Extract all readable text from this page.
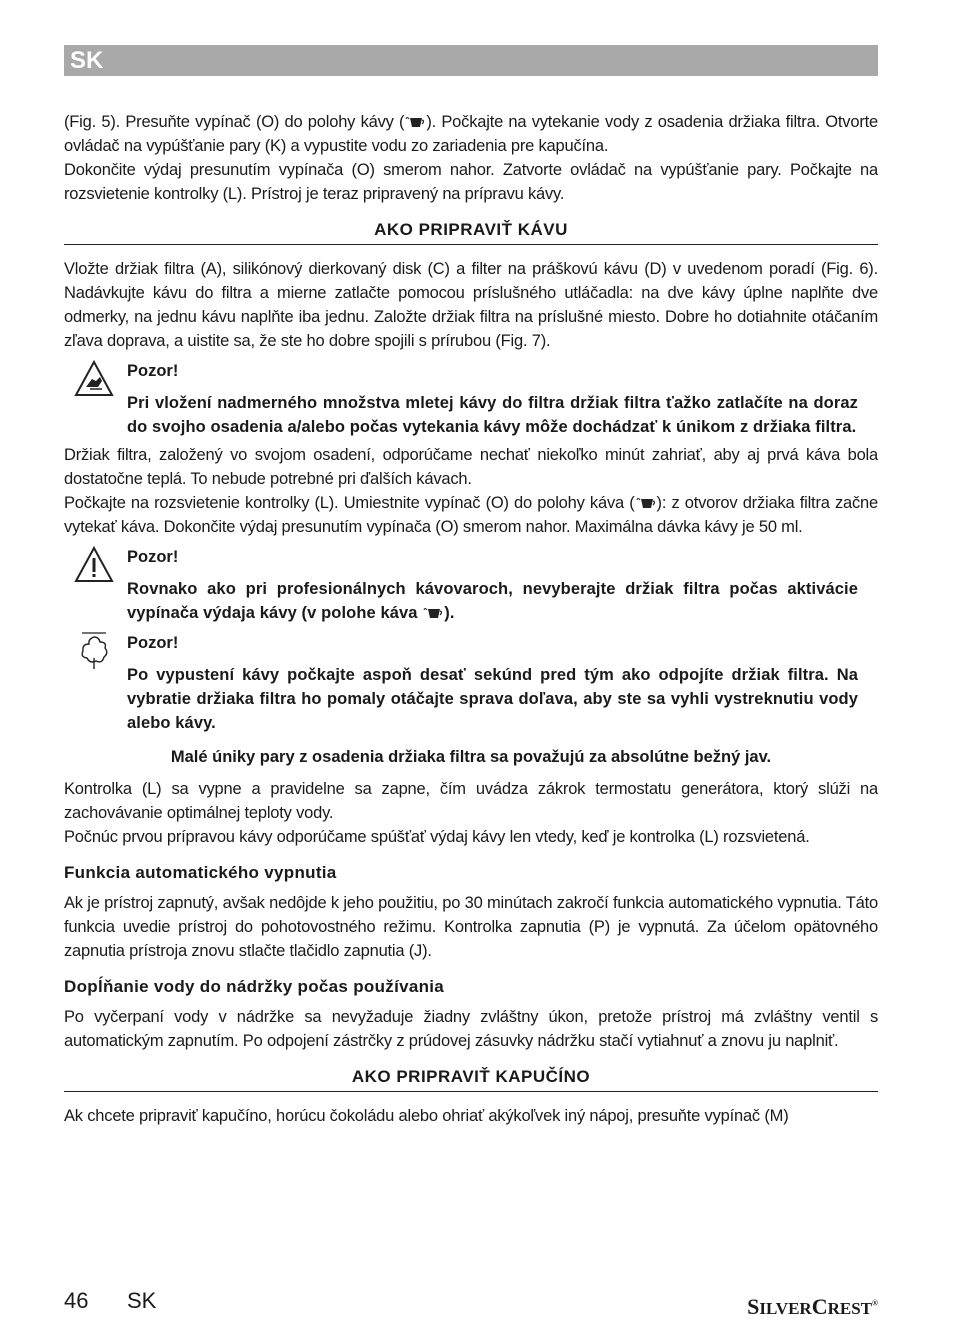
SK

(Fig. 5). Presuňte vypínač (O) do polohy kávy ( ). Počkajte na vytekanie vody z osadenia držiaka filtra. Otvorte ovládač na vypúšťanie pary (K) a vypustite vodu zo zariadenia pre kapučína.

Dokončite výdaj presunutím vypínača (O) smerom nahor. Zatvorte ovládač na vypúšťanie pary. Počkajte na rozsvietenie kontrolky (L). Prístroj je teraz pripravený na prípravu kávy.

AKO PRIPRAVIŤ KÁVU

Vložte držiak filtra (A), silikónový dierkovaný disk (C) a filter na práškovú kávu (D) v uvedenom poradí (Fig. 6). Nadávkujte kávu do filtra a mierne zatlačte pomocou príslušného utláčadla: na dve kávy úplne naplňte dve odmerky, na jednu kávu naplňte iba jednu. Založte držiak filtra na príslušné miesto. Dobre ho dotiahnite otáčaním zľava doprava, a uistite sa, že ste ho dobre spojili s prírubou (Fig. 7).

Pozor!
Pri vložení nadmerného množstva mletej kávy do filtra držiak filtra ťažko zatlačíte na doraz do svojho osadenia a/alebo počas vytekania kávy môže dochádzať k únikom z držiaka filtra.

Držiak filtra, založený vo svojom osadení, odporúčame nechať niekoľko minút zahriať, aby aj prvá káva bola dostatočne teplá. To nebude potrebné pri ďalších kávach.

Počkajte na rozsvietenie kontrolky (L). Umiestnite vypínač (O) do polohy káva ( ): z otvorov držiaka filtra začne vytekať káva. Dokončite výdaj presunutím vypínača (O) smerom nahor. Maximálna dávka kávy je 50 ml.

Pozor!
Rovnako ako pri profesionálnych kávovaroch, nevyberajte držiak filtra počas aktivácie vypínača výdaja kávy (v polohe káva ).
Pozor!
Po vypustení kávy počkajte aspoň desať sekúnd pred tým ako odpojíte držiak filtra. Na vybratie držiaka filtra ho pomaly otáčajte sprava doľava, aby ste sa vyhli vystreknutiu vody alebo kávy.
Malé úniky pary z osadenia držiaka filtra sa považujú za absolútne bežný jav.

Kontrolka (L) sa vypne a pravidelne sa zapne, čím uvádza zákrok termostatu generátora, ktorý slúži na zachovávanie optimálnej teploty vody.

Počnúc prvou prípravou kávy odporúčame spúšťať výdaj kávy len vtedy, keď je kontrolka (L) rozsvietená.

Funkcia automatického vypnutia

Ak je prístroj zapnutý, avšak nedôjde k jeho použitiu, po 30 minútach zakročí funkcia automatického vypnutia. Táto funkcia uvedie prístroj do pohotovostného režimu. Kontrolka zapnutia (P) je vypnutá. Za účelom opätovného zapnutia prístroja znovu stlačte tlačidlo zapnutia (J).

Dopĺňanie vody do nádržky počas používania

Po vyčerpaní vody v nádržke sa nevyžaduje žiadny zvláštny úkon, pretože prístroj má zvláštny ventil s automatickým zapnutím. Po odpojení zástrčky z prúdovej zásuvky nádržku stačí vytiahnuť a znovu ju naplniť.

AKO PRIPRAVIŤ KAPUČÍNO

Ak chcete pripraviť kapučíno, horúcu čokoládu alebo ohriať akýkoľvek iný nápoj, presuňte vypínač (M)

46 SK	SILVERCREST®
